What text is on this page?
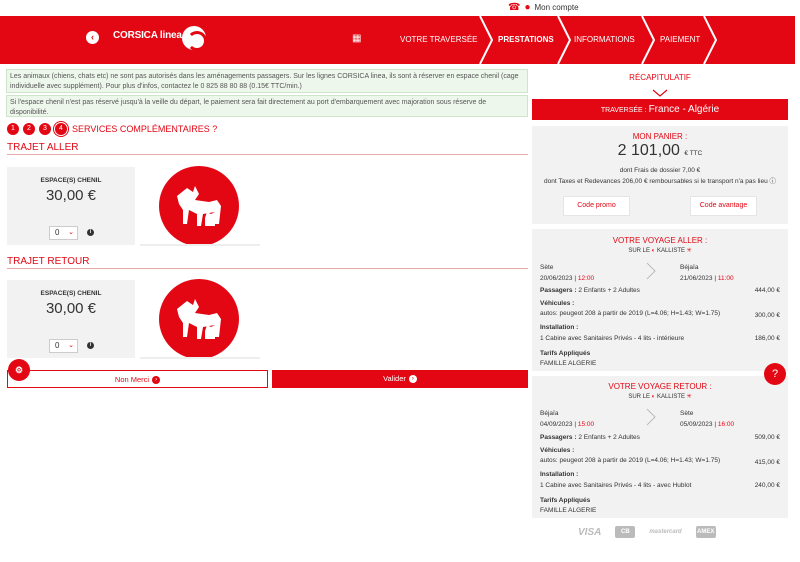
☎ ● Mon compte
‹	CORSICA linea	▦	VOTRE TRAVERSÉE	PRESTATIONS	INFORMATIONS	PAIEMENT
Les animaux (chiens, chats etc) ne sont pas autorisés dans les aménagements passagers. Sur les lignes CORSICA linea, ils sont à réserver en espace chenil (cage individuelle avec supplément). Pour plus d'infos, contactez le 0 825 88 80 88 (0.15€ TTC/min.)
Si l'espace chenil n'est pas réservé jusqu'à la veille du départ, le paiement sera fait directement au port d'embarquement avec majoration sous réserve de disponibilité.
1	2	3	4	SERVICES COMPLÉMENTAIRES ?
TRAJET ALLER
ESPACE(S) CHENIL
30,00 €
0 ⌄	i
TRAJET RETOUR
ESPACE(S) CHENIL
30,00 €
0 ⌄	i
Non Merci ›	Valider ›
⚙
RÉCAPITULATIF
TRAVERSÉE : France - Algérie
MON PANIER :
2 101,00 € TTC
dont Frais de dossier 7,00 €
dont Taxes et Redevances 206,00 € remboursables si le transport n'a pas lieu ⓘ
Code promo	Code avantage
VOTRE VOYAGE ALLER :
SUR LE ◐ KALLISTE ✳
Sète
20/06/2023 | 12:00
Béjaïa
21/06/2023 | 11:00
Passagers : 2 Enfants + 2 Adultes	444,00 €
Véhicules :
autos: peugeot 208 à partir de 2019 (L=4.06; H=1.43; W=1.75)	300,00 €
Installation :
1 Cabine avec Sanitaires Privés - 4 lits - intérieure	186,00 €
Tarifs Appliqués
FAMILLE ALGERIE
VOTRE VOYAGE RETOUR :
SUR LE ◐ KALLISTE ✳
Béjaïa
04/09/2023 | 15:00
Sète
05/09/2023 | 16:00
Passagers : 2 Enfants + 2 Adultes	509,00 €
Véhicules :
autos: peugeot 208 à partir de 2019 (L=4.06; H=1.43; W=1.75)	415,00 €
Installation :
1 Cabine avec Sanitaires Privés - 4 lits - avec Hublot	240,00 €
Tarifs Appliqués
FAMILLE ALGERIE
?
VISA	CB	mastercard	AMEX
